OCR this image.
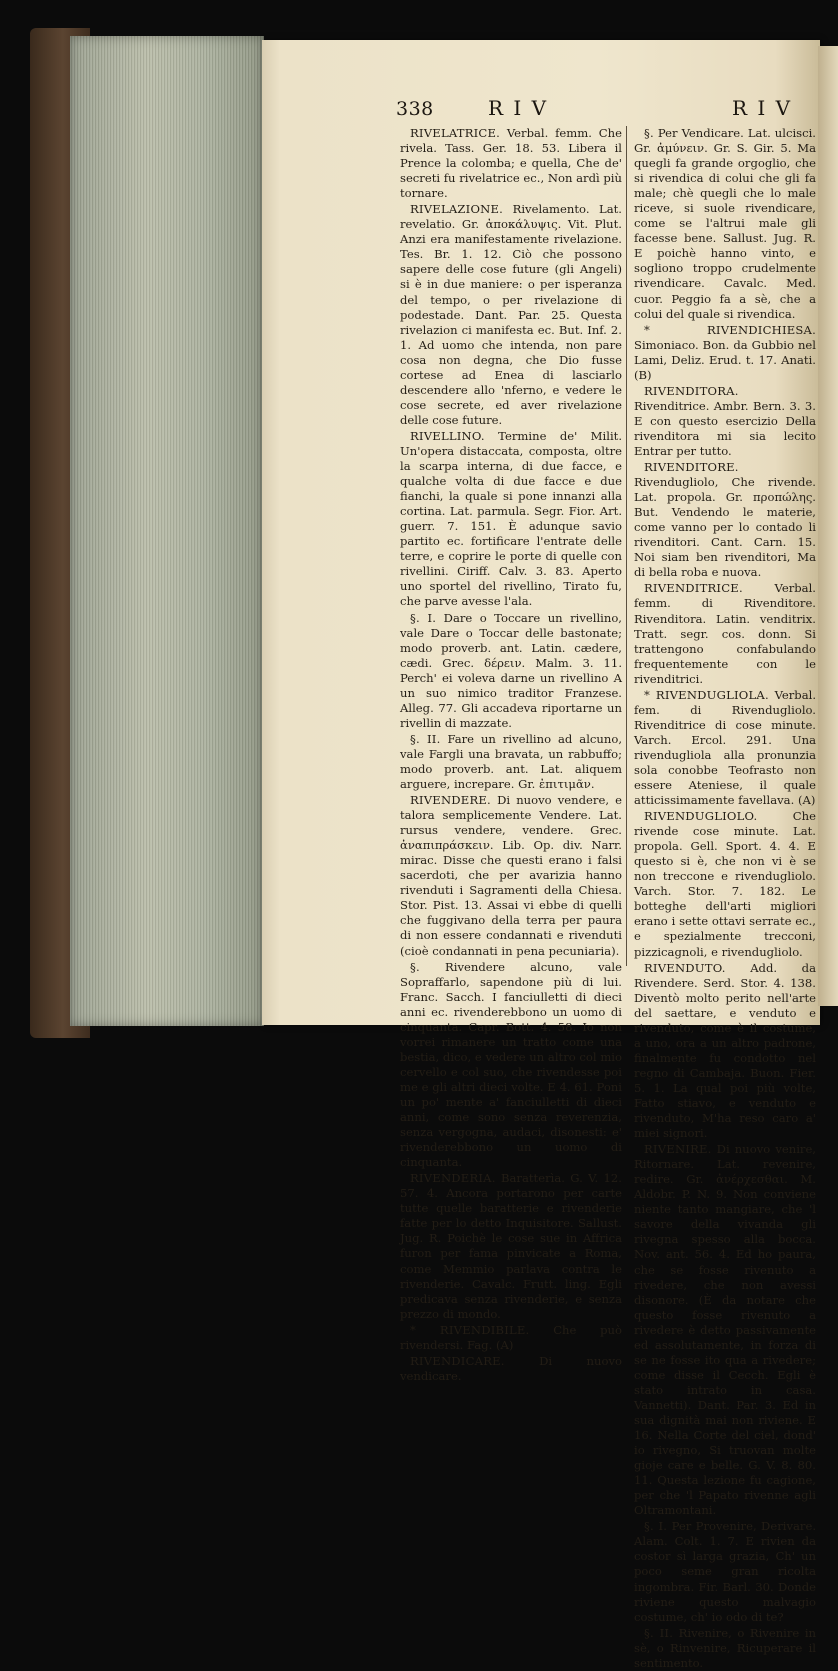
338	R I V	R I V

RIVELATRICE. Verbal. femm. Che rivela. Tass. Ger. 18. 53. Libera il Prence la colomba; e quella, Che de' secreti fu rivelatrice ec., Non ardì più tornare.

RIVELAZIONE. Rivelamento. Lat. revelatio. Gr. ἀποκάλυψις. Vit. Plut. Anzi era manifestamente rivelazione. Tes. Br. 1. 12. Ciò che possono sapere delle cose future (gli Angeli) si è in due maniere: o per isperanza del tempo, o per rivelazione di podestade. Dant. Par. 25. Questa rivelazion ci manifesta ec. But. Inf. 2. 1. Ad uomo che intenda, non pare cosa non degna, che Dio fusse cortese ad Enea di lasciarlo descendere allo 'nferno, e vedere le cose secrete, ed aver rivelazione delle cose future.

RIVELLINO. Termine de' Milit. Un'opera distaccata, composta, oltre la scarpa interna, di due facce, e qualche volta di due facce e due fianchi, la quale si pone innanzi alla cortina. Lat. parmula. Segr. Fior. Art. guerr. 7. 151. È adunque savio partito ec. fortificare l'entrate delle terre, e coprire le porte di quelle con rivellini. Ciriff. Calv. 3. 83. Aperto uno sportel del rivellino, Tirato fu, che parve avesse l'ala.

§. I. Dare o Toccare un rivellino, vale Dare o Toccar delle bastonate; modo proverb. ant. Latin. cædere, cædi. Grec. δέρειν. Malm. 3. 11. Perch' ei voleva darne un rivellino A un suo nimico traditor Franzese. Alleg. 77. Gli accadeva riportarne un rivellin di mazzate.

§. II. Fare un rivellino ad alcuno, vale Fargli una bravata, un rabbuffo; modo proverb. ant. Lat. aliquem arguere, increpare. Gr. ἐπιτιμᾶν.

RIVENDERE. Di nuovo vendere, e talora semplicemente Vendere. Lat. rursus vendere, vendere. Grec. ἀναπιπράσκειν. Lib. Op. div. Narr. mirac. Disse che questi erano i falsi sacerdoti, che per avarizia hanno rivenduti i Sagramenti della Chiesa. Stor. Pist. 13. Assai vi ebbe di quelli che fuggivano della terra per paura di non essere condannati e rivenduti (cioè condannati in pena pecuniaria).

§. Rivendere alcuno, vale Sopraffarlo, sapendone più di lui. Franc. Sacch. I fanciulletti di dieci anni ec. rivenderebbono un uomo di cinquanta. Capr. Bott. 4. 58. Io non vorrei rimanere un tratto come una bestia, dico, e vedere un altro col mio cervello e col suo, che rivendesse poi me e gli altri dieci volte. E 4. 61. Poni un po' mente a' fanciulletti di dieci anni, come sono senza reverenzia, senza vergogna, audaci, disonesti: e' rivenderebbono un uomo di cinquanta.

RIVENDERIA. Baratterìa. G. V. 12. 57. 4. Ancora portarono per carte tutte quelle baratterie e rivenderie fatte per lo detto Inquisitore. Sallust. Jug. R. Poichè le cose sue in Affrica furon per fama pinvicate a Roma, come Memmio parlava contra le rivenderie. Cavalc. Frutt. ling. Egli predicava senza rivenderie, e senza prezzo di mondo.

* RIVENDIBILE. Che può rivendersi. Fag. (A)

RIVENDICARE.	Di nuovo vendicare.

§. Per Vendicare. Lat. ulcisci. Gr. ἀμύνειν. Gr. S. Gir. 5. Ma quegli fa grande orgoglio, che si rivendica di colui che gli fa male; chè quegli che lo male riceve, si suole rivendicare, come se l'altrui male gli facesse bene. Sallust. Jug. R. E poichè hanno vinto, e sogliono troppo crudelmente rivendicare. Cavalc. Med. cuor. Peggio fa a sè, che a colui del quale si rivendica.

* RIVENDICHIESA. Simoniaco. Bon. da Gubbio nel Lami, Deliz. Erud. t. 17. Anati. (B)

RIVENDITORA. Rivenditrice. Ambr. Bern. 3. 3. E con questo esercizio Della rivenditora mi sia lecito Entrar per tutto.

RIVENDITORE. Rivendugliolo, Che rivende. Lat. propola. Gr. προπώλης. But. Vendendo le materie, come vanno per lo contado li rivenditori. Cant. Carn. 15. Noi siam ben rivenditori, Ma di bella roba e nuova.

RIVENDITRICE.	Verbal. femm. di Rivenditore. Rivenditora. Latin. venditrix. Tratt. segr. cos. donn. Si trattengono confabulando frequentemente con le rivenditrici.

* RIVENDUGLIOLA. Verbal. fem. di Rivendugliolo. Rivenditrice di cose minute. Varch. Ercol. 291. Una rivendugliola alla pronunzia sola conobbe Teofrasto non essere Ateniese, il quale atticissimamente favellava. (A)

RIVENDUGLIOLO.	Che rivende cose minute. Lat. propola. Gell. Sport. 4. 4. E questo si è, che non vi è se non treccone e rivendugliolo. Varch. Stor. 7. 182. Le botteghe dell'arti migliori erano i sette ottavi serrate ec., e spezialmente trecconi, pizzicagnoli, e rivendugliolo.

RIVENDUTO. Add. da Rivendere. Serd. Stor. 4. 138. Diventò molto perito nell'arte del saettare, e venduto e rivenduto, come è il costume, a uno, ora a un altro padrone, finalmente fu condotto nel regno di Cambaja. Buon. Fier. 5. 1. La qual poi più volte, Fatto stiavo, e venduto e rivenduto, M'ha reso caro a' miei signori.

RIVENIRE. Di nuovo venire, Ritornare. Lat. revenire, redire. Gr. ἀνέρχεσθαι. M. Aldobr. P. N. 9. Non conviene niente tanto mangiare, che 'l savore della vivanda gli rivegna spesso alla bocca. Nov. ant. 56. 4. Ed ho paura, che se fosse rivenuto a rivedere, che non avessi disonore. (È da notare che questo fosse rivenuto a rivedere è detto passivamente ed assolutamente, in forza di se ne fosse ito qua a rivedere; come disse il Cecch. Egli è stato intrato in casa. Vannetti). Dant. Par. 3. Ed in sua dignità mai non riviene. E 16. Nella Corte del ciel, dond' io rivegno, Si truovan molte gioje care e belle. G. V. 8. 80. 11. Questa lezione fu cagione, per che 'l Papato rivenne agli Oltramontani.

§. I. Per Provenire, Derivare. Alam. Colt. 1. 7. E rivien da costor sì larga grazia, Ch' un poco seme gran ricolta ingombra. Fir. Barl. 30. Donde riviene questo malvagio costume, ch' io odo di te?

§. II. Rivenire, o Rivenire in sè, o Rinvenire, Ricuperare il sentimento.
